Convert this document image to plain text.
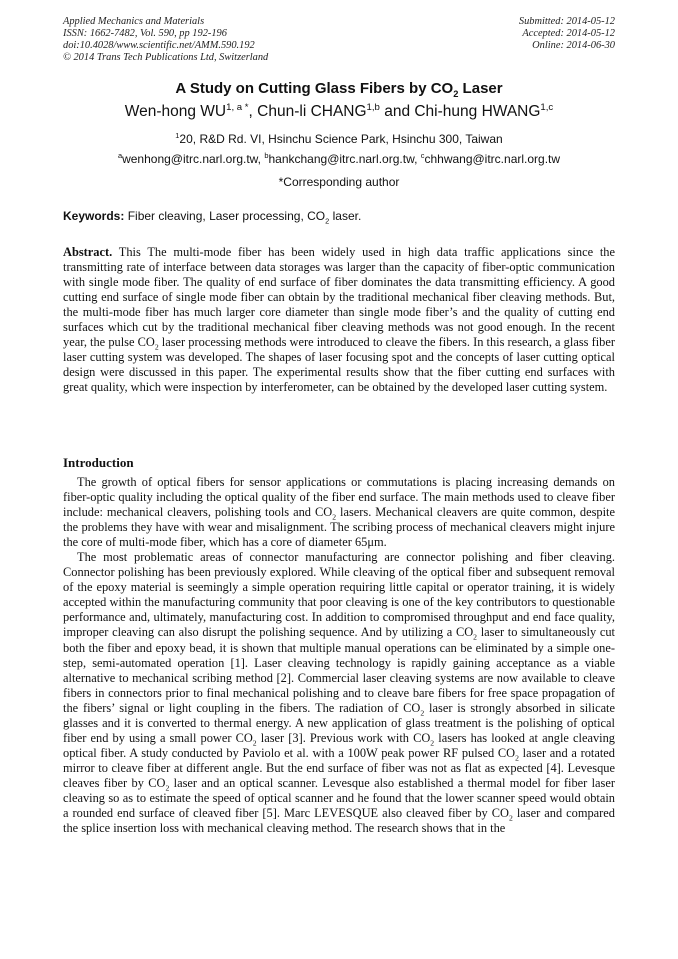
Applied Mechanics and Materials
ISSN: 1662-7482, Vol. 590, pp 192-196
doi:10.4028/www.scientific.net/AMM.590.192
© 2014 Trans Tech Publications Ltd, Switzerland
Submitted: 2014-05-12
Accepted: 2014-05-12
Online: 2014-06-30
A Study on Cutting Glass Fibers by $CO_2$ Laser
Wen-hong $WU^{1, a *}$, Chun-li CHANG$^{1,b}$ and Chi-hung HWANG$^{1,c}$
$^1$20, R&D Rd. VI, Hsinchu Science Park, Hsinchu 300, Taiwan
$^a$wenhong@itrc.narl.org.tw, $^b$hankchang@itrc.narl.org.tw, $^c$chhwang@itrc.narl.org.tw
*Corresponding author
Keywords: Fiber cleaving, Laser processing, $CO_2$ laser.
Abstract. This The multi-mode fiber has been widely used in high data traffic applications since the transmitting rate of interface between data storages was larger than the capacity of fiber-optic communication with single mode fiber. The quality of end surface of fiber dominates the data transmitting efficiency. A good cutting end surface of single mode fiber can obtain by the traditional mechanical fiber cleaving methods. But, the multi-mode fiber has much larger core diameter than single mode fiber’s and the quality of cutting end surfaces which cut by the traditional mechanical fiber cleaving methods was not good enough. In the recent year, the pulse $CO_2$ laser processing methods were introduced to cleave the fibers. In this research, a glass fiber laser cutting system was developed. The shapes of laser focusing spot and the concepts of laser cutting optical design were discussed in this paper. The experimental results show that the fiber cutting end surfaces with great quality, which were inspection by interferometer, can be obtained by the developed laser cutting system.
Introduction

The growth of optical fibers for sensor applications or commutations is placing increasing demands on fiber-optic quality including the optical quality of the fiber end surface. The main methods used to cleave fiber include: mechanical cleavers, polishing tools and $CO_2$ lasers. Mechanical cleavers are quite common, despite the problems they have with wear and misalignment. The scribing process of mechanical cleavers might injure the core of multi-mode fiber, which has a core of diameter 65μm.

The most problematic areas of connector manufacturing are connector polishing and fiber cleaving. Connector polishing has been previously explored. While cleaving of the optical fiber and subsequent removal of the epoxy material is seemingly a simple operation requiring little capital or operator training, it is widely accepted within the manufacturing community that poor cleaving is one of the key contributors to questionable performance and, ultimately, manufacturing cost. In addition to compromised throughput and end face quality, improper cleaving can also disrupt the polishing sequence. And by utilizing a $CO_2$ laser to simultaneously cut both the fiber and epoxy bead, it is shown that multiple manual operations can be eliminated by a simple one-step, semi-automated operation [1]. Laser cleaving technology is rapidly gaining acceptance as a viable alternative to mechanical scribing method [2]. Commercial laser cleaving systems are now available to cleave fibers in connectors prior to final mechanical polishing and to cleave bare fibers for free space propagation of the fibers’ signal or light coupling in the fibers. The radiation of $CO_2$ laser is strongly absorbed in silicate glasses and it is converted to thermal energy. A new application of glass treatment is the polishing of optical fiber end by using a small power $CO_2$ laser [3]. Previous work with $CO_2$ lasers has looked at angle cleaving optical fiber. A study conducted by Paviolo et al. with a 100W peak power RF pulsed $CO_2$ laser and a rotated mirror to cleave fiber at different angle. But the end surface of fiber was not as flat as expected [4]. Levesque cleaves fiber by $CO_2$ laser and an optical scanner. Levesque also established a thermal model for fiber laser cleaving so as to estimate the speed of optical scanner and he found that the lower scanner speed would obtain a rounded end surface of cleaved fiber [5]. Marc LEVESQUE also cleaved fiber by $CO_2$ laser and compared the splice insertion loss with mechanical cleaving method. The research shows that in the
